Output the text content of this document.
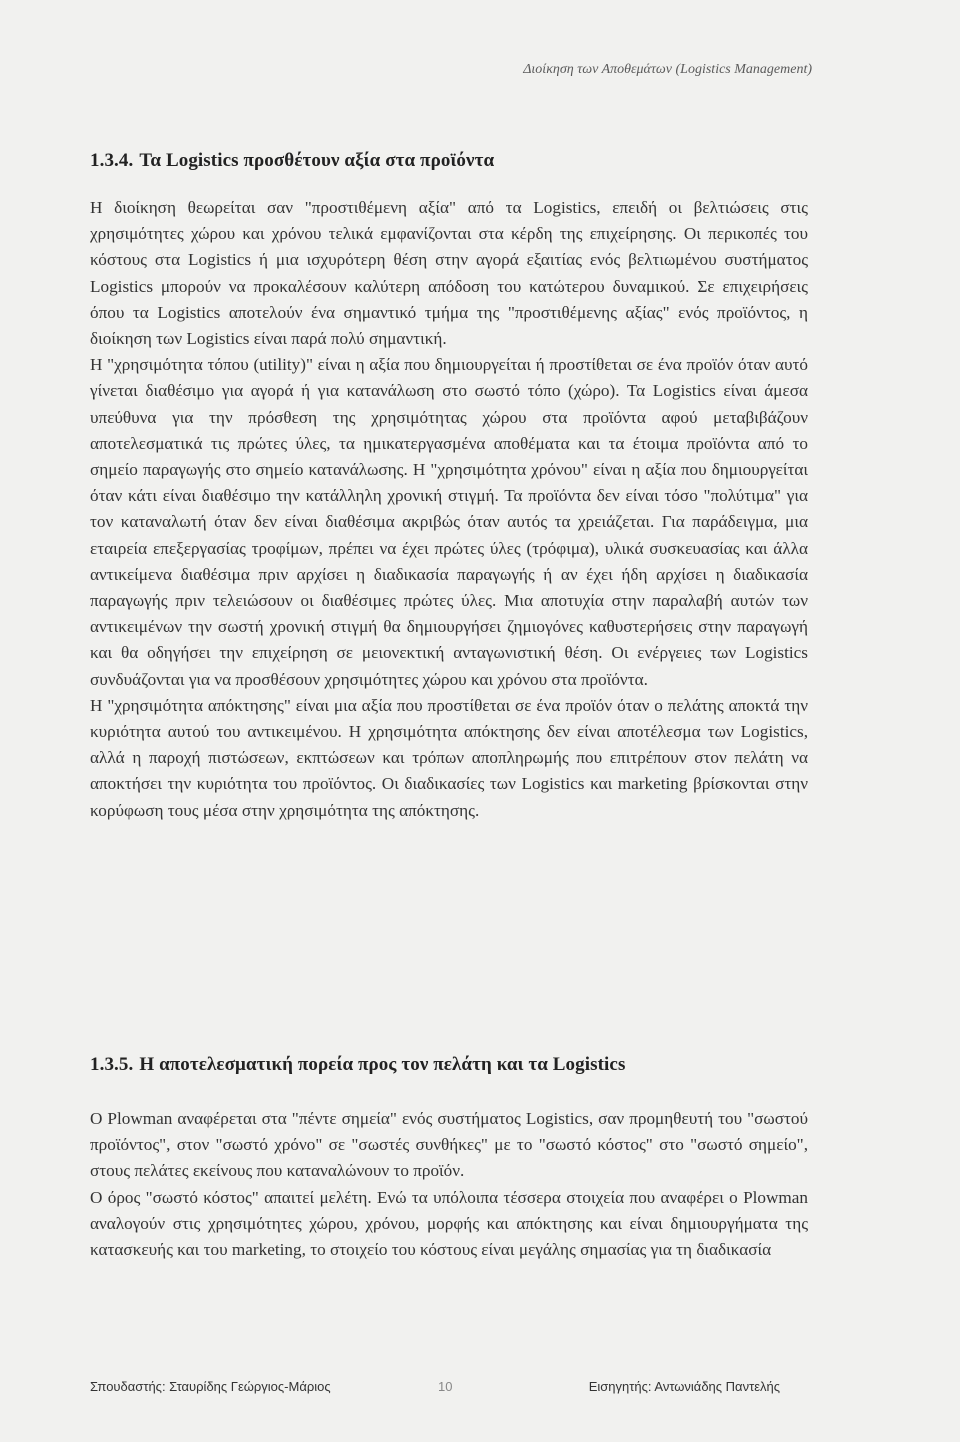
Διοίκηση των Αποθεμάτων (Logistics Management)
1.3.4. Τα Logistics προσθέτουν αξία στα προϊόντα

Η διοίκηση θεωρείται σαν "προστιθέμενη αξία" από τα Logistics, επειδή οι βελτιώσεις στις χρησιμότητες χώρου και χρόνου τελικά εμφανίζονται στα κέρδη της επιχείρησης. Οι περικοπές του κόστους στα Logistics ή μια ισχυρότερη θέση στην αγορά εξαιτίας ενός βελτιωμένου συστήματος Logistics μπορούν να προκαλέσουν καλύτερη απόδοση του κατώτερου δυναμικού. Σε επιχειρήσεις όπου τα Logistics αποτελούν ένα σημαντικό τμήμα της "προστιθέμενης αξίας" ενός προϊόντος, η διοίκηση των Logistics είναι παρά πολύ σημαντική.

Η "χρησιμότητα τόπου (utility)" είναι η αξία που δημιουργείται ή προστίθεται σε ένα προϊόν όταν αυτό γίνεται διαθέσιμο για αγορά ή για κατανάλωση στο σωστό τόπο (χώρο). Τα Logistics είναι άμεσα υπεύθυνα για την πρόσθεση της χρησιμότητας χώρου στα προϊόντα αφού μεταβιβάζουν αποτελεσματικά τις πρώτες ύλες, τα ημικατεργασμένα αποθέματα και τα έτοιμα προϊόντα από το σημείο παραγωγής στο σημείο κατανάλωσης. Η "χρησιμότητα χρόνου" είναι η αξία που δημιουργείται όταν κάτι είναι διαθέσιμο την κατάλληλη χρονική στιγμή. Τα προϊόντα δεν είναι τόσο "πολύτιμα" για τον καταναλωτή όταν δεν είναι διαθέσιμα ακριβώς όταν αυτός τα χρειάζεται. Για παράδειγμα, μια εταιρεία επεξεργασίας τροφίμων, πρέπει να έχει πρώτες ύλες (τρόφιμα), υλικά συσκευασίας και άλλα αντικείμενα διαθέσιμα πριν αρχίσει η διαδικασία παραγωγής ή αν έχει ήδη αρχίσει η διαδικασία παραγωγής πριν τελειώσουν οι διαθέσιμες πρώτες ύλες. Μια αποτυχία στην παραλαβή αυτών των αντικειμένων την σωστή χρονική στιγμή θα δημιουργήσει ζημιογόνες καθυστερήσεις στην παραγωγή και θα οδηγήσει την επιχείρηση σε μειονεκτική ανταγωνιστική θέση. Οι ενέργειες των Logistics συνδυάζονται για να προσθέσουν χρησιμότητες χώρου και χρόνου στα προϊόντα.

Η "χρησιμότητα απόκτησης" είναι μια αξία που προστίθεται σε ένα προϊόν όταν ο πελάτης αποκτά την κυριότητα αυτού του αντικειμένου. Η χρησιμότητα απόκτησης δεν είναι αποτέλεσμα των Logistics, αλλά η παροχή πιστώσεων, εκπτώσεων και τρόπων αποπληρωμής που επιτρέπουν στον πελάτη να αποκτήσει την κυριότητα του προϊόντος. Οι διαδικασίες των Logistics και marketing βρίσκονται στην κορύφωση τους μέσα στην χρησιμότητα της απόκτησης.

1.3.5. Η αποτελεσματική πορεία προς τον πελάτη και τα Logistics

Ο Plowman αναφέρεται στα "πέντε σημεία" ενός συστήματος Logistics, σαν προμηθευτή του "σωστού προϊόντος", στον "σωστό χρόνο" σε "σωστές συνθήκες" με το "σωστό κόστος" στο "σωστό σημείο", στους πελάτες εκείνους που καταναλώνουν το προϊόν.

Ο όρος "σωστό κόστος" απαιτεί μελέτη. Ενώ τα υπόλοιπα τέσσερα στοιχεία που αναφέρει ο Plowman αναλογούν στις χρησιμότητες χώρου, χρόνου, μορφής και απόκτησης και είναι δημιουργήματα της κατασκευής και του marketing, το στοιχείο του κόστους είναι μεγάλης σημασίας για τη διαδικασία

Σπουδαστής: Σταυρίδης Γεώργιος-Μάριος	10	Εισηγητής: Αντωνιάδης Παντελής
